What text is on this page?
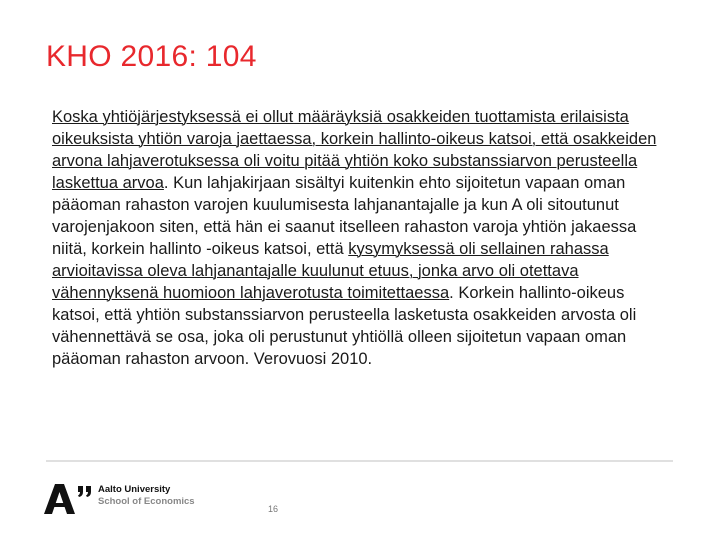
KHO 2016: 104
Koska yhtiöjärjestyksessä ei ollut määräyksiä osakkeiden tuottamista erilaisista oikeuksista yhtiön varoja jaettaessa, korkein hallinto-oikeus katsoi, että osakkeiden arvona lahjaverotuksessa oli voitu pitää yhtiön koko substanssiarvon perusteella laskettua arvoa. Kun lahjakirjaan sisältyi kuitenkin ehto sijoitetun vapaan oman pääoman rahaston varojen kuulumisesta lahjanantajalle ja kun A oli sitoutunut varojenjakoon siten, että hän ei saanut itselleen rahaston varoja yhtiön jakaessa niitä, korkein hallinto -oikeus katsoi, että kysymyksessä oli sellainen rahassa arvioitavissa oleva lahjanantajalle kuulunut etuus, jonka arvo oli otettava vähennyksenä huomioon lahjaverotusta toimitettaessa. Korkein hallinto-oikeus katsoi, että yhtiön substanssiarvon perusteella lasketusta osakkeiden arvosta oli vähennettävä se osa, joka oli perustunut yhtiöllä olleen sijoitetun vapaan oman pääoman rahaston arvoon. Verovuosi 2010.
Aalto University
School of Economics
16
